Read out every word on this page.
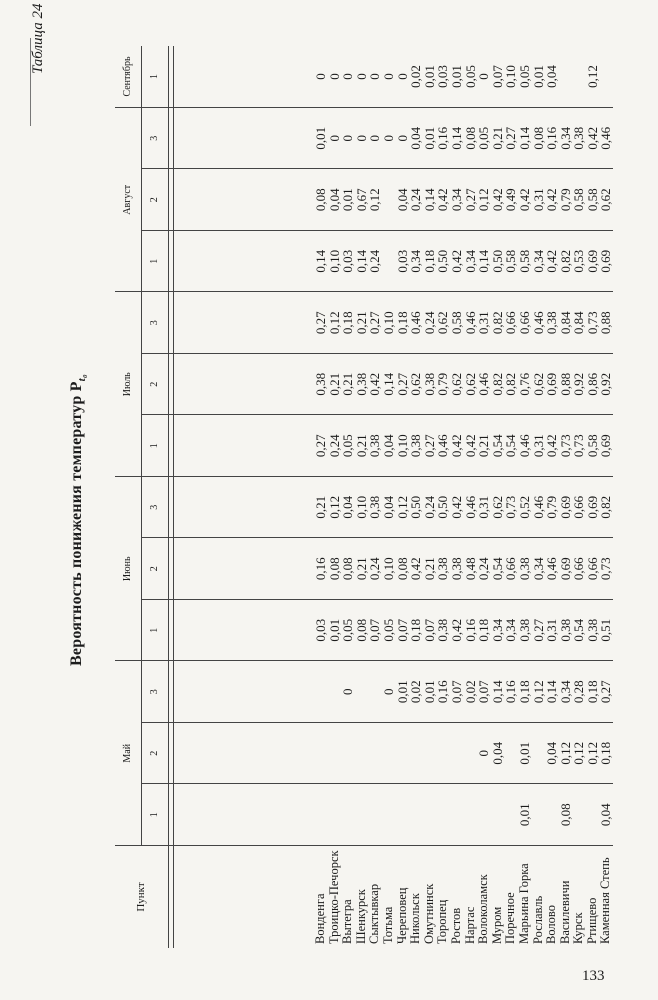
Таблица 24
133
Вероятность понижения температур $P_{t_0}$
Пункт	Май			Июнь			Июль			Август			Сентябрь
	1	2	3	1	2	3	1	2	3	1	2	3	1

Вонденга				0,03	0,16	0,21	0,27	0,38	0,27	0,14	0,08	0,01	0
Троицко-Печорск				0,01	0,08	0,12	0,24	0,21	0,12	0,10	0,04	0	0
Вытегра			0	0,05	0,08	0,04	0,05	0,21	0,18	0,03	0,01	0	0
Шенкурск				0,08	0,21	0,10	0,21	0,38	0,21	0,14	0,67	0	0
Сыктывкар				0,07	0,24	0,38	0,38	0,42	0,27	0,24	0,12	0	0
Тотьма			0	0,05	0,10	0,04	0,04	0,14	0,10			0	0
Череповец			0,01	0,07	0,08	0,12	0,10	0,27	0,18	0,03	0,04	0	0
Никольск			0,02	0,18	0,42	0,50	0,38	0,62	0,46	0,34	0,24	0,04	0,02
Омутнинск			0,01	0,07	0,21	0,24	0,27	0,38	0,24	0,18	0,14	0,01	0,01
Торопец			0,16	0,38	0,38	0,50	0,46	0,79	0,62	0,50	0,42	0,16	0,03
Ростов			0,07	0,42	0,38	0,42	0,42	0,62	0,58	0,42	0,34	0,14	0,01
Нартас			0,02	0,16	0,48	0,46	0,42	0,62	0,46	0,34	0,27	0,08	0,05
Волоколамск		0	0,07	0,18	0,24	0,31	0,21	0,46	0,31	0,14	0,12	0,05	0
Муром		0,04	0,14	0,34	0,54	0,62	0,54	0,82	0,82	0,50	0,42	0,21	0,07
Поречное			0,16	0,34	0,66	0,73	0,54	0,82	0,66	0,58	0,49	0,27	0,10
Марьина Горка	0,01	0,01	0,18	0,38	0,38	0,52	0,46	0,76	0,66	0,58	0,42	0,14	0,05
Рославль			0,12	0,27	0,34	0,46	0,31	0,62	0,46	0,34	0,31	0,08	0,01
Волово		0,04	0,14	0,31	0,46	0,79	0,42	0,69	0,38	0,42	0,42	0,16	0,04
Василевичи	0,08	0,12	0,34	0,38	0,69	0,69	0,73	0,88	0,84	0,82	0,79	0,34	
Курск		0,12	0,28	0,54	0,66	0,66	0,73	0,92	0,84	0,53	0,58	0,38	
Ртищево		0,12	0,18	0,38	0,66	0,69	0,58	0,86	0,73	0,69	0,58	0,42	0,12
Каменная Степь	0,04	0,18	0,27	0,51	0,73	0,82	0,69	0,92	0,88	0,69	0,62	0,46	
